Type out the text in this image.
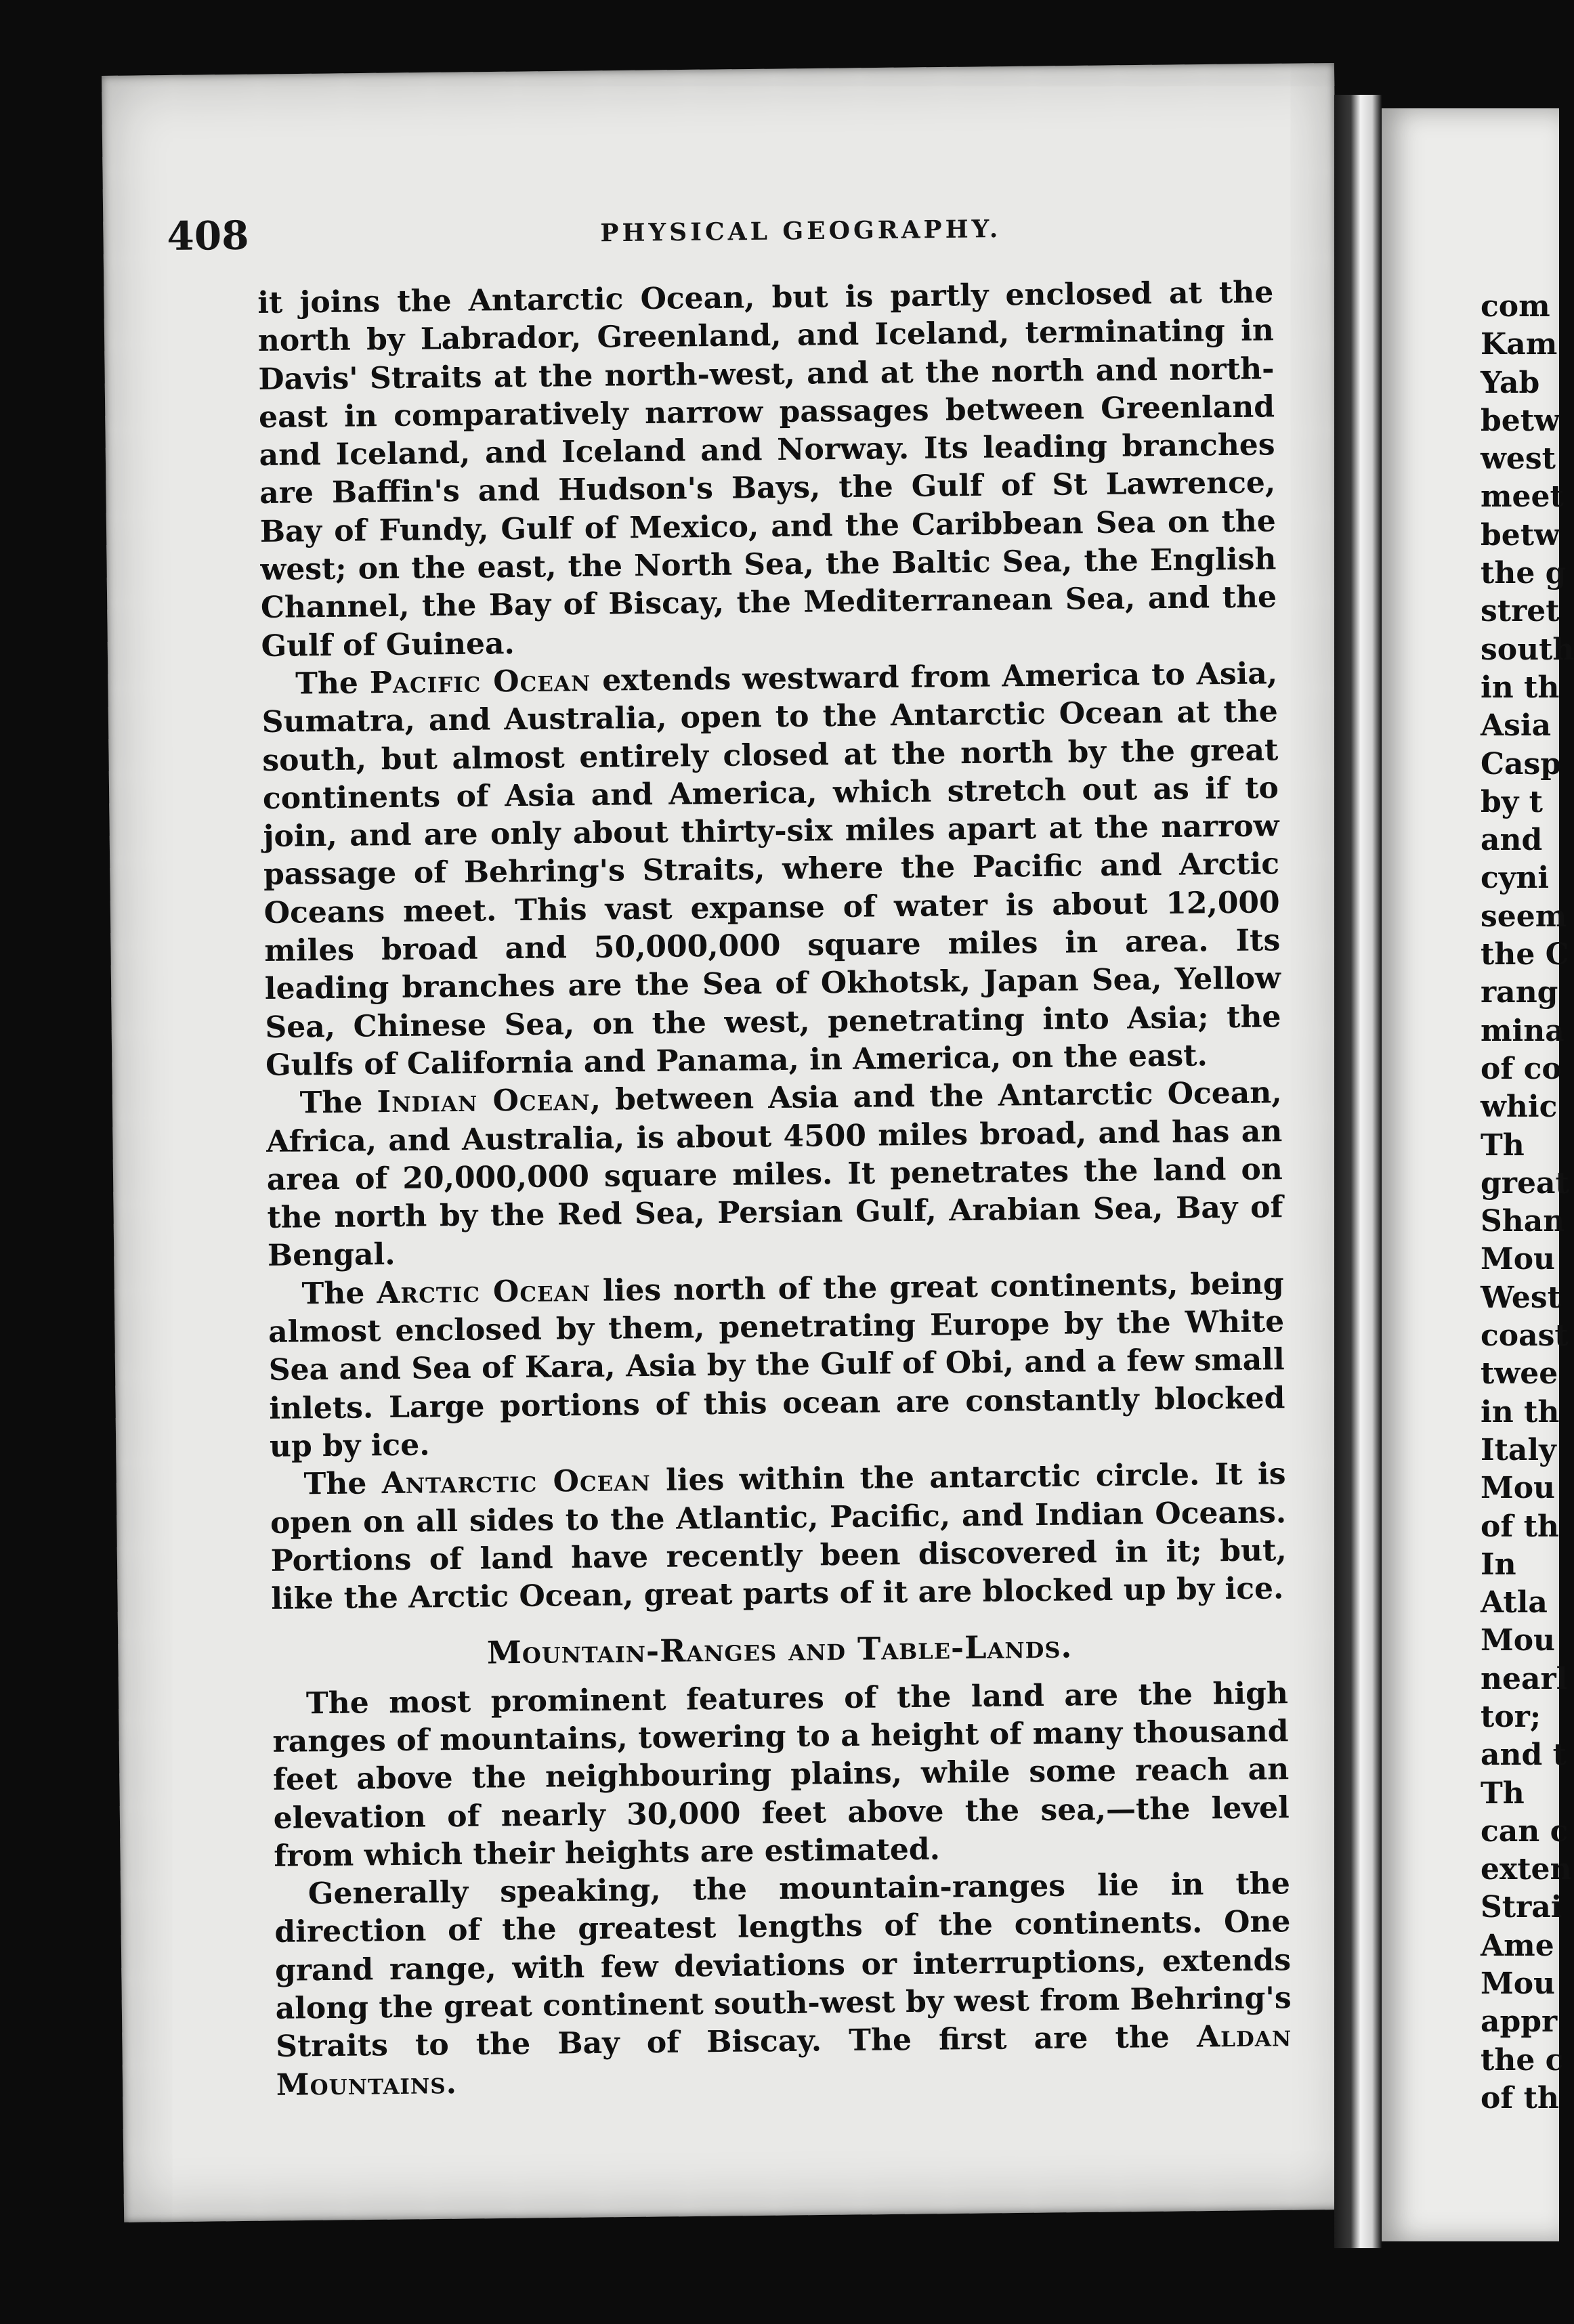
408	PHYSICAL GEOGRAPHY.

it joins the Antarctic Ocean, but is partly enclosed at the north by Labrador, Greenland, and Iceland, terminating in Davis' Straits at the north-west, and at the north and north-east in comparatively narrow passages between Greenland and Iceland, and Iceland and Norway. Its leading branches are Baffin's and Hudson's Bays, the Gulf of St Lawrence, Bay of Fundy, Gulf of Mexico, and the Caribbean Sea on the west; on the east, the North Sea, the Baltic Sea, the English Channel, the Bay of Biscay, the Mediterranean Sea, and the Gulf of Guinea.

The Pacific Ocean extends westward from America to Asia, Sumatra, and Australia, open to the Antarctic Ocean at the south, but almost entirely closed at the north by the great continents of Asia and America, which stretch out as if to join, and are only about thirty-six miles apart at the narrow passage of Behring's Straits, where the Pacific and Arctic Oceans meet. This vast expanse of water is about 12,000 miles broad and 50,000,000 square miles in area. Its leading branches are the Sea of Okhotsk, Japan Sea, Yellow Sea, Chinese Sea, on the west, penetrating into Asia; the Gulfs of California and Panama, in America, on the east.

The Indian Ocean, between Asia and the Antarctic Ocean, Africa, and Australia, is about 4500 miles broad, and has an area of 20,000,000 square miles. It penetrates the land on the north by the Red Sea, Persian Gulf, Arabian Sea, Bay of Bengal.

The Arctic Ocean lies north of the great continents, being almost enclosed by them, penetrating Europe by the White Sea and Sea of Kara, Asia by the Gulf of Obi, and a few small inlets. Large portions of this ocean are constantly blocked up by ice.

The Antarctic Ocean lies within the antarctic circle. It is open on all sides to the Atlantic, Pacific, and Indian Oceans. Portions of land have recently been discovered in it; but, like the Arctic Ocean, great parts of it are blocked up by ice.

Mountain-Ranges and Table-Lands.

The most prominent features of the land are the high ranges of mountains, towering to a height of many thousand feet above the neighbouring plains, while some reach an elevation of nearly 30,000 feet above the sea,—the level from which their heights are estimated.

Generally speaking, the mountain-ranges lie in the direction of the greatest lengths of the continents. One grand range, with few deviations or interruptions, extends along the great continent south-west by west from Behring's Straits to the Bay of Biscay. The first are the Aldan Mountains.

com
Kam
Yab
betw
west
meet
betw
the g
stret
south
in th
Asia
Casp
by t
and
cyni
seem
the C
rang
mina
of co
whic
Th
great
Shan
Mou
West
coast
twee
in th
Italy
Mou
of th
In
Atla
Mou
nearl
tor;
and t
Th
can c
exten
Strai
Ame
Mou
appr
the c
of th
